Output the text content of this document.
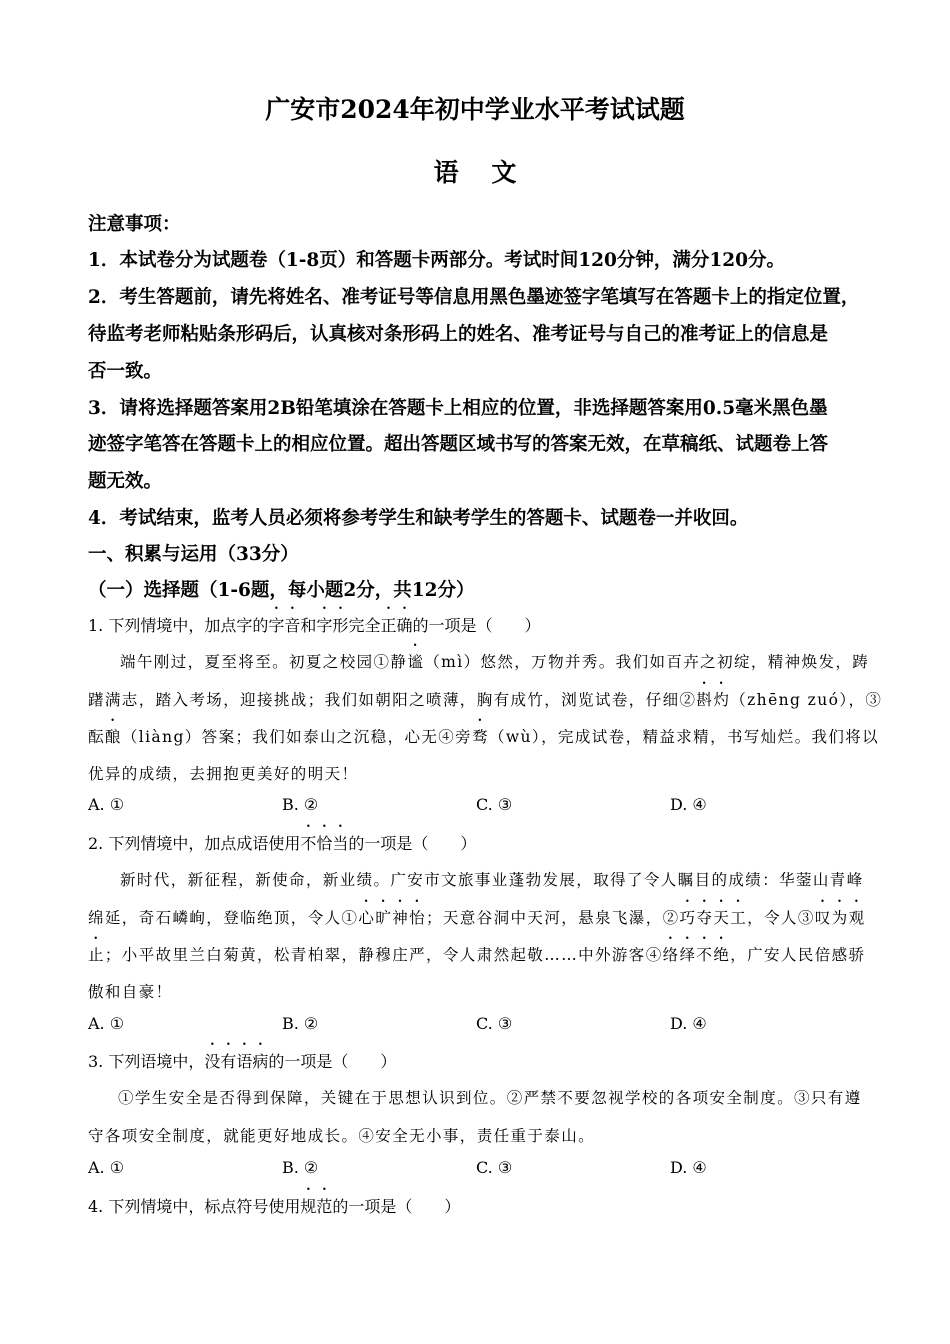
广安市2024年初中学业水平考试试题
语 文
注意事项：
1．本试卷分为试题卷（1-8页）和答题卡两部分。考试时间120分钟，满分120分。
2．考生答题前，请先将姓名、准考证号等信息用黑色墨迹签字笔填写在答题卡上的指定位置，
待监考老师粘贴条形码后，认真核对条形码上的姓名、准考证号与自己的准考证上的信息是
否一致。
3．请将选择题答案用2B铅笔填涂在答题卡上相应的位置，非选择题答案用0.5毫米黑色墨
迹签字笔答在答题卡上的相应位置。超出答题区域书写的答案无效，在草稿纸、试题卷上答
题无效。
4．考试结束，监考人员必须将参考学生和缺考学生的答题卡、试题卷一并收回。
一、积累与运用（33分）
（一）选择题（1-6题，每小题2分，共12分）
1. 下列情境中，加点字的字音和字形完全正确的一项是（　　）
端午刚过，夏至将至。初夏之校园①静谧（mì）悠然，万物并秀。我们如百卉之初绽，精神焕发，踌
躇满志，踏入考场，迎接挑战；我们如朝阳之喷薄，胸有成竹，浏览试卷，仔细②斟灼（zhēng zuó），③
酝酿（liàng）答案；我们如泰山之沉稳，心无④旁骛（wù），完成试卷，精益求精，书写灿烂。我们将以
优异的成绩，去拥抱更美好的明天！
A. ①	B. ②	C. ③	D. ④
2. 下列情境中，加点成语使用不恰当的一项是（　　）
新时代，新征程，新使命，新业绩。广安市文旅事业蓬勃发展，取得了令人瞩目的成绩：华蓥山青峰
绵延，奇石嶙峋，登临绝顶，令人①心旷神怡；天意谷洞中天河，悬泉飞瀑，②巧夺天工，令人③叹为观
止；小平故里兰白菊黄，松青柏翠，静穆庄严，令人肃然起敬……中外游客④络绎不绝，广安人民倍感骄
傲和自豪！
A. ①	B. ②	C. ③	D. ④
3. 下列语境中，没有语病的一项是（　　）
①学生安全是否得到保障，关键在于思想认识到位。②严禁不要忽视学校的各项安全制度。③只有遵
守各项安全制度，就能更好地成长。④安全无小事，责任重于泰山。
A. ①	B. ②	C. ③	D. ④
4. 下列情境中，标点符号使用规范的一项是（　　）
